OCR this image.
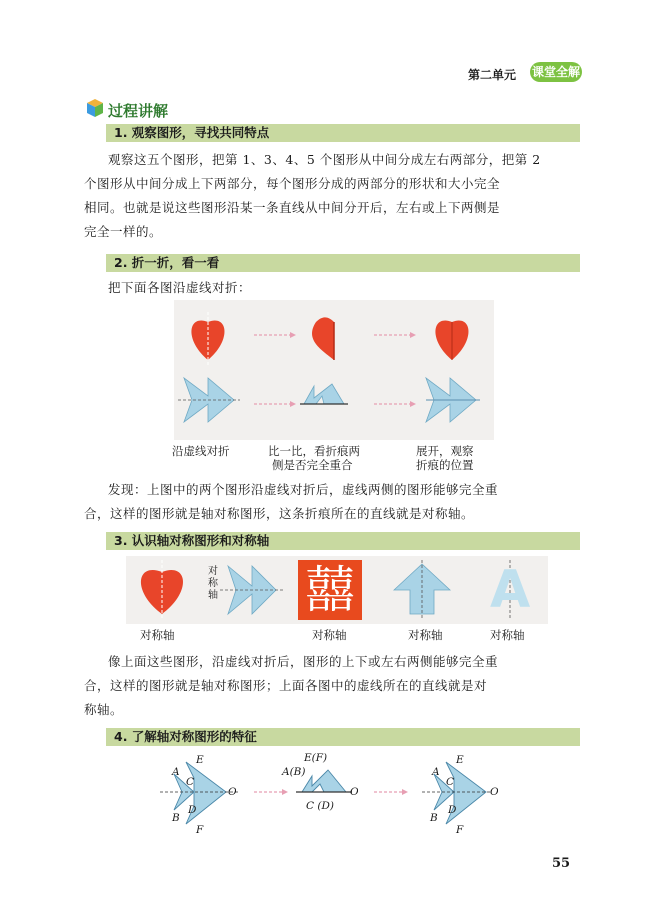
第二单元 课堂全解
过程讲解
1. 观察图形，寻找共同特点
观察这五个图形，把第 1、3、4、5 个图形从中间分成左右两部分，把第 2
个图形从中间分成上下两部分，每个图形分成的两部分的形状和大小完全
相同。也就是说这些图形沿某一条直线从中间分开后，左右或上下两侧是
完全一样的。
2. 折一折，看一看
把下面各图沿虚线对折：
沿虚线对折	比一比，看折痕两
侧是否完全重合
展开，观察
折痕的位置
发现：上图中的两个图形沿虚线对折后，虚线两侧的图形能够完全重
合，这样的图形就是轴对称图形，这条折痕所在的直线就是对称轴。
3. 认识轴对称图形和对称轴
囍	A
对称轴
对称轴	对称轴	对称轴	对称轴
像上面这些图形，沿虚线对折后，图形的上下或左右两侧能够完全重
合，这样的图形就是轴对称图形；上面各图中的虚线所在的直线就是对
称轴。
4. 了解轴对称图形的特征
A
B
C
D
E
F
O
A(B)
E(F)
C (D)
O
A
B
C
D
E
F
O
55
